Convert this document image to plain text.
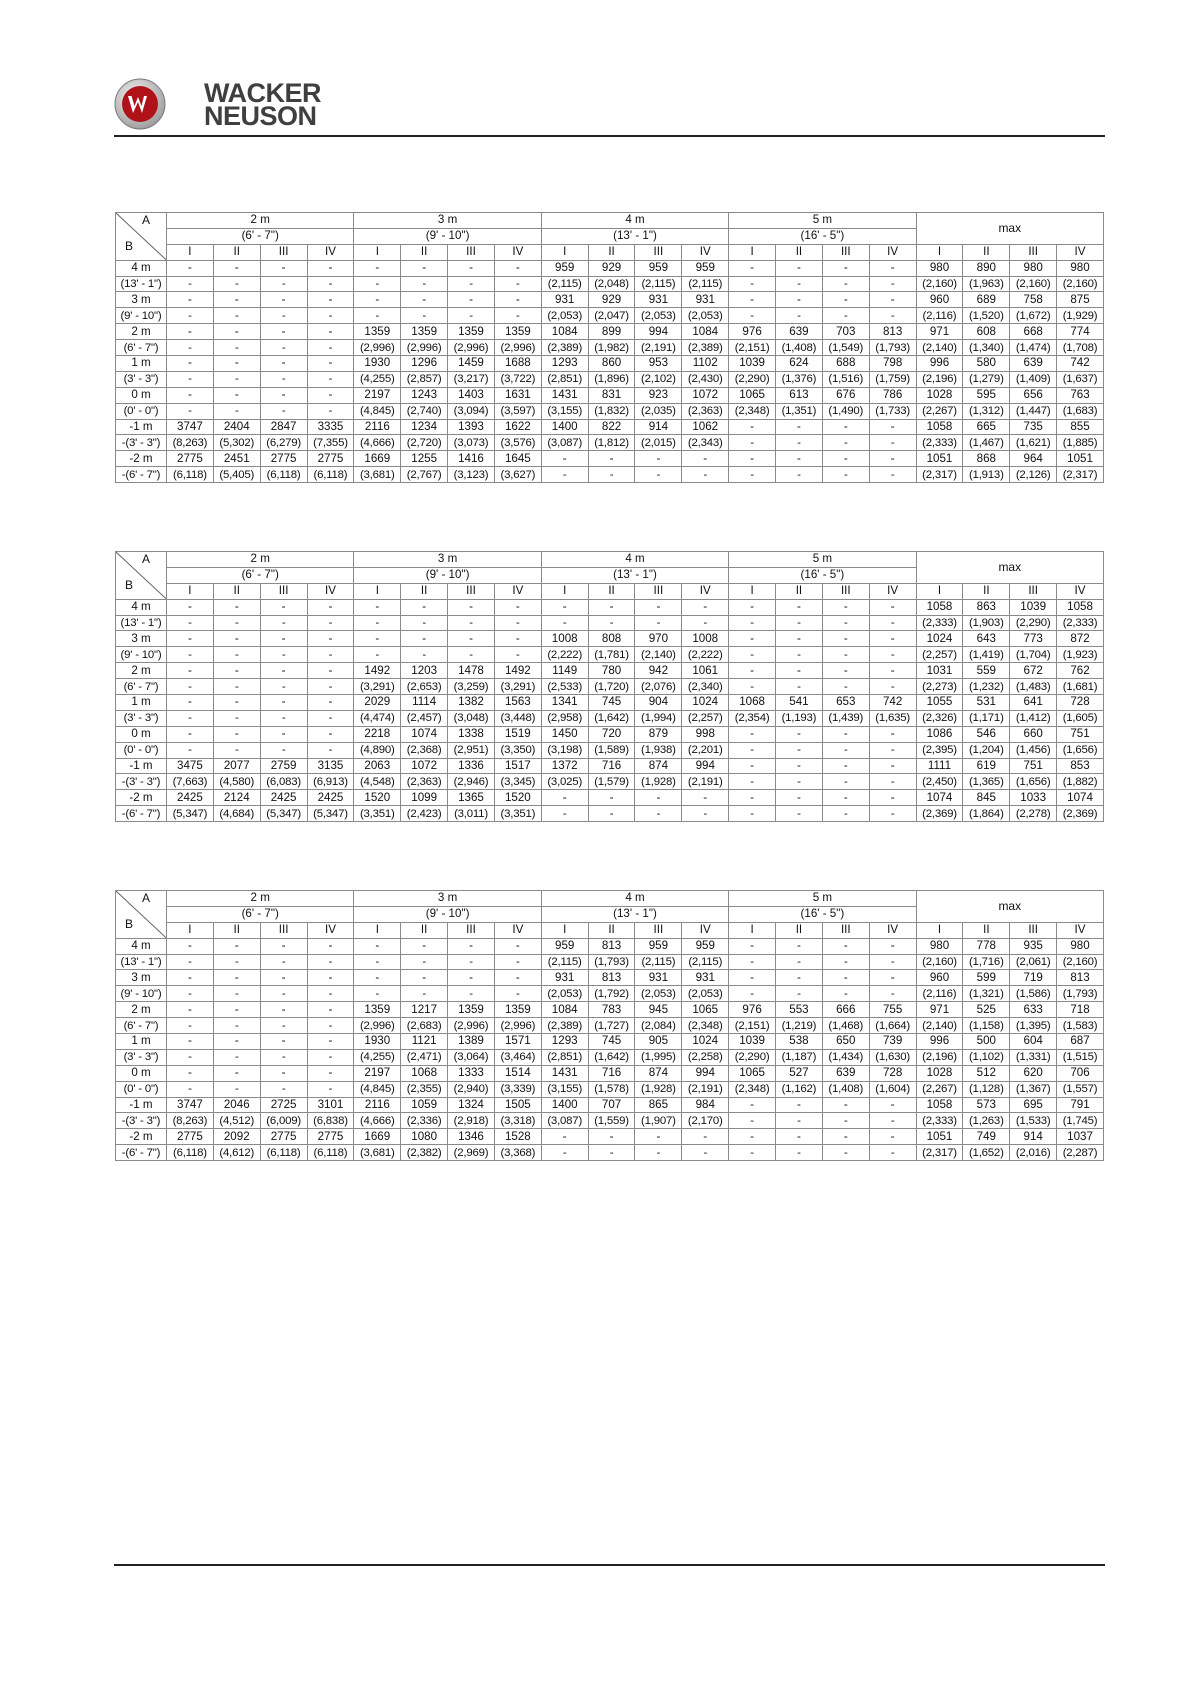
WACKER
NEUSON
A
B	2 m				3 m				4 m				5 m				max			
	(6' - 7")				(9' - 10")				(13' - 1")				(16' - 5")							
	I	II	III	IV	I	II	III	IV	I	II	III	IV	I	II	III	IV	I	II	III	IV
4 m	-	-	-	-	-	-	-	-	959	929	959	959	-	-	-	-	980	890	980	980
(13' - 1")	-	-	-	-	-	-	-	-	(2,115)	(2,048)	(2,115)	(2,115)	-	-	-	-	(2,160)	(1,963)	(2,160)	(2,160)
3 m	-	-	-	-	-	-	-	-	931	929	931	931	-	-	-	-	960	689	758	875
(9' - 10")	-	-	-	-	-	-	-	-	(2,053)	(2,047)	(2,053)	(2,053)	-	-	-	-	(2,116)	(1,520)	(1,672)	(1,929)
2 m	-	-	-	-	1359	1359	1359	1359	1084	899	994	1084	976	639	703	813	971	608	668	774
(6' - 7")	-	-	-	-	(2,996)	(2,996)	(2,996)	(2,996)	(2,389)	(1,982)	(2,191)	(2,389)	(2,151)	(1,408)	(1,549)	(1,793)	(2,140)	(1,340)	(1,474)	(1,708)
1 m	-	-	-	-	1930	1296	1459	1688	1293	860	953	1102	1039	624	688	798	996	580	639	742
(3' - 3")	-	-	-	-	(4,255)	(2,857)	(3,217)	(3,722)	(2,851)	(1,896)	(2,102)	(2,430)	(2,290)	(1,376)	(1,516)	(1,759)	(2,196)	(1,279)	(1,409)	(1,637)
0 m	-	-	-	-	2197	1243	1403	1631	1431	831	923	1072	1065	613	676	786	1028	595	656	763
(0' - 0")	-	-	-	-	(4,845)	(2,740)	(3,094)	(3,597)	(3,155)	(1,832)	(2,035)	(2,363)	(2,348)	(1,351)	(1,490)	(1,733)	(2,267)	(1,312)	(1,447)	(1,683)
-1 m	3747	2404	2847	3335	2116	1234	1393	1622	1400	822	914	1062	-	-	-	-	1058	665	735	855
-(3' - 3")	(8,263)	(5,302)	(6,279)	(7,355)	(4,666)	(2,720)	(3,073)	(3,576)	(3,087)	(1,812)	(2,015)	(2,343)	-	-	-	-	(2,333)	(1,467)	(1,621)	(1,885)
-2 m	2775	2451	2775	2775	1669	1255	1416	1645	-	-	-	-	-	-	-	-	1051	868	964	1051
-(6' - 7")	(6,118)	(5,405)	(6,118)	(6,118)	(3,681)	(2,767)	(3,123)	(3,627)	-	-	-	-	-	-	-	-	(2,317)	(1,913)	(2,126)	(2,317)
A
B	2 m				3 m				4 m				5 m				max			
	(6' - 7")				(9' - 10")				(13' - 1")				(16' - 5")							
	I	II	III	IV	I	II	III	IV	I	II	III	IV	I	II	III	IV	I	II	III	IV
4 m	-	-	-	-	-	-	-	-	-	-	-	-	-	-	-	-	1058	863	1039	1058
(13' - 1")	-	-	-	-	-	-	-	-	-	-	-	-	-	-	-	-	(2,333)	(1,903)	(2,290)	(2,333)
3 m	-	-	-	-	-	-	-	-	1008	808	970	1008	-	-	-	-	1024	643	773	872
(9' - 10")	-	-	-	-	-	-	-	-	(2,222)	(1,781)	(2,140)	(2,222)	-	-	-	-	(2,257)	(1,419)	(1,704)	(1,923)
2 m	-	-	-	-	1492	1203	1478	1492	1149	780	942	1061	-	-	-	-	1031	559	672	762
(6' - 7")	-	-	-	-	(3,291)	(2,653)	(3,259)	(3,291)	(2,533)	(1,720)	(2,076)	(2,340)	-	-	-	-	(2,273)	(1,232)	(1,483)	(1,681)
1 m	-	-	-	-	2029	1114	1382	1563	1341	745	904	1024	1068	541	653	742	1055	531	641	728
(3' - 3")	-	-	-	-	(4,474)	(2,457)	(3,048)	(3,448)	(2,958)	(1,642)	(1,994)	(2,257)	(2,354)	(1,193)	(1,439)	(1,635)	(2,326)	(1,171)	(1,412)	(1,605)
0 m	-	-	-	-	2218	1074	1338	1519	1450	720	879	998	-	-	-	-	1086	546	660	751
(0' - 0")	-	-	-	-	(4,890)	(2,368)	(2,951)	(3,350)	(3,198)	(1,589)	(1,938)	(2,201)	-	-	-	-	(2,395)	(1,204)	(1,456)	(1,656)
-1 m	3475	2077	2759	3135	2063	1072	1336	1517	1372	716	874	994	-	-	-	-	1111	619	751	853
-(3' - 3")	(7,663)	(4,580)	(6,083)	(6,913)	(4,548)	(2,363)	(2,946)	(3,345)	(3,025)	(1,579)	(1,928)	(2,191)	-	-	-	-	(2,450)	(1,365)	(1,656)	(1,882)
-2 m	2425	2124	2425	2425	1520	1099	1365	1520	-	-	-	-	-	-	-	-	1074	845	1033	1074
-(6' - 7")	(5,347)	(4,684)	(5,347)	(5,347)	(3,351)	(2,423)	(3,011)	(3,351)	-	-	-	-	-	-	-	-	(2,369)	(1,864)	(2,278)	(2,369)
A
B	2 m				3 m				4 m				5 m				max			
	(6' - 7")				(9' - 10")				(13' - 1")				(16' - 5")							
	I	II	III	IV	I	II	III	IV	I	II	III	IV	I	II	III	IV	I	II	III	IV
4 m	-	-	-	-	-	-	-	-	959	813	959	959	-	-	-	-	980	778	935	980
(13' - 1")	-	-	-	-	-	-	-	-	(2,115)	(1,793)	(2,115)	(2,115)	-	-	-	-	(2,160)	(1,716)	(2,061)	(2,160)
3 m	-	-	-	-	-	-	-	-	931	813	931	931	-	-	-	-	960	599	719	813
(9' - 10")	-	-	-	-	-	-	-	-	(2,053)	(1,792)	(2,053)	(2,053)	-	-	-	-	(2,116)	(1,321)	(1,586)	(1,793)
2 m	-	-	-	-	1359	1217	1359	1359	1084	783	945	1065	976	553	666	755	971	525	633	718
(6' - 7")	-	-	-	-	(2,996)	(2,683)	(2,996)	(2,996)	(2,389)	(1,727)	(2,084)	(2,348)	(2,151)	(1,219)	(1,468)	(1,664)	(2,140)	(1,158)	(1,395)	(1,583)
1 m	-	-	-	-	1930	1121	1389	1571	1293	745	905	1024	1039	538	650	739	996	500	604	687
(3' - 3")	-	-	-	-	(4,255)	(2,471)	(3,064)	(3,464)	(2,851)	(1,642)	(1,995)	(2,258)	(2,290)	(1,187)	(1,434)	(1,630)	(2,196)	(1,102)	(1,331)	(1,515)
0 m	-	-	-	-	2197	1068	1333	1514	1431	716	874	994	1065	527	639	728	1028	512	620	706
(0' - 0")	-	-	-	-	(4,845)	(2,355)	(2,940)	(3,339)	(3,155)	(1,578)	(1,928)	(2,191)	(2,348)	(1,162)	(1,408)	(1,604)	(2,267)	(1,128)	(1,367)	(1,557)
-1 m	3747	2046	2725	3101	2116	1059	1324	1505	1400	707	865	984	-	-	-	-	1058	573	695	791
-(3' - 3")	(8,263)	(4,512)	(6,009)	(6,838)	(4,666)	(2,336)	(2,918)	(3,318)	(3,087)	(1,559)	(1,907)	(2,170)	-	-	-	-	(2,333)	(1,263)	(1,533)	(1,745)
-2 m	2775	2092	2775	2775	1669	1080	1346	1528	-	-	-	-	-	-	-	-	1051	749	914	1037
-(6' - 7")	(6,118)	(4,612)	(6,118)	(6,118)	(3,681)	(2,382)	(2,969)	(3,368)	-	-	-	-	-	-	-	-	(2,317)	(1,652)	(2,016)	(2,287)
